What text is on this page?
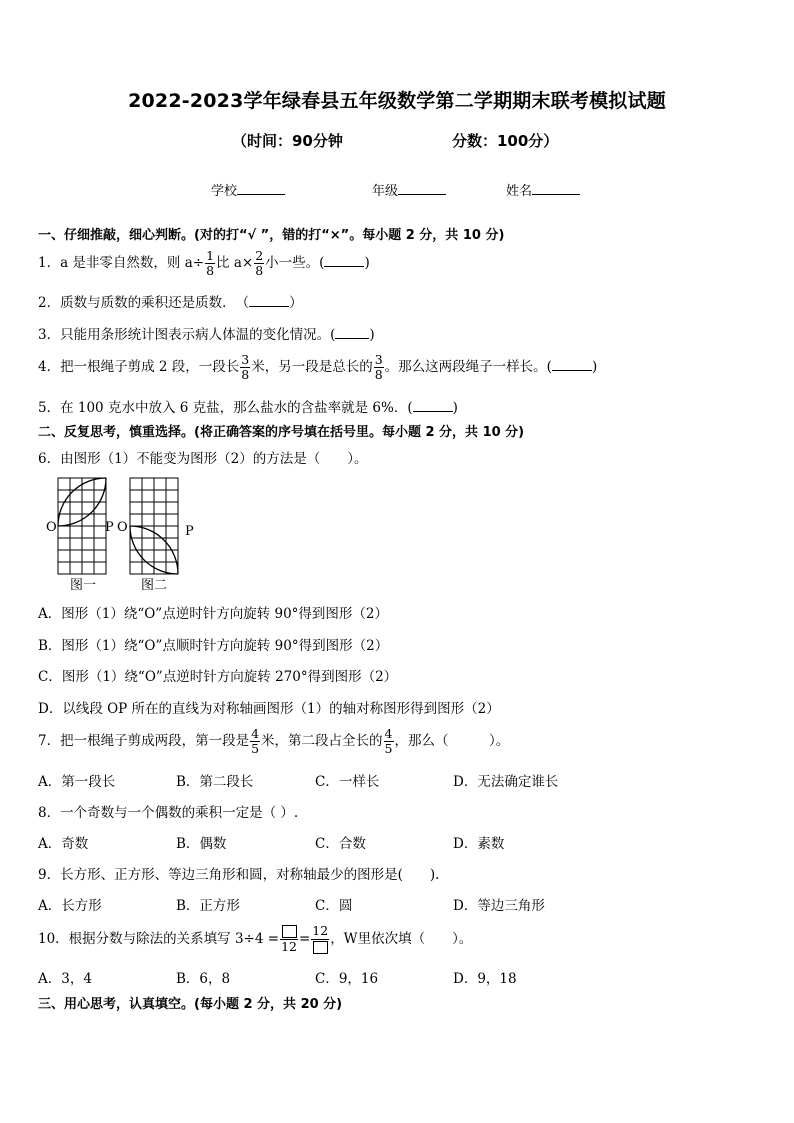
2022-2023学年绿春县五年级数学第二学期期末联考模拟试题
（时间：90分钟	分数：100分）
学校	年级	姓名
一、仔细推敲，细心判断。(对的打“√ ”，错的打“×”。每小题 2 分，共 10 分)
1．a 是非零自然数，则 $a\div \frac{1}{8}$ 比 $a\times \frac{2}{8}$ 小一些。(	)
2．质数与质数的乘积还是质数．　（	）
3．只能用条形统计图表示病人体温的变化情况。(	)
4．把一根绳子剪成 2 段，一段长 $\frac{3}{8}$ 米，另一段是总长的 $\frac{3}{8}$ 。那么这两段绳子一样长。(	)
5．在 100 克水中放入 6 克盐，那么盐水的含盐率就是 6%．(	)
二、反复思考，慎重选择。(将正确答案的序号填在括号里。每小题 2 分，共 10 分)
6．由图形（1）不能变为图形（2）的方法是（　　）。
O	P
图一
O	P
图二
A．图形（1）绕“O”点逆时针方向旋转 90°得到图形（2）
B．图形（1）绕“O”点顺时针方向旋转 90°得到图形（2）
C．图形（1）绕“O”点逆时针方向旋转 270°得到图形（2）
D．以线段 OP 所在的直线为对称轴画图形（1）的轴对称图形得到图形（2）
7．把一根绳子剪成两段，第一段是 $\frac{4}{5}$ 米，第二段占全长的 $\frac{4}{5}$ ，那么（　　　）。
A．第一段长	B．第二段长	C．一样长	D．无法确定谁长
8．一个奇数与一个偶数的乘积一定是（ ）.
A．奇数	B．偶数	C．合数	D．素数
9．长方形、正方形、等边三角形和圆，对称轴最少的图形是(　　).
A．长方形	B．正方形	C．圆	D．等边三角形
10．根据分数与除法的关系填写 3÷4 = 12 =
12
，W里依次填（　　）。
A．3，4	B．6，8	C．9，16	D．9，18
三、用心思考，认真填空。(每小题 2 分，共 20 分)
